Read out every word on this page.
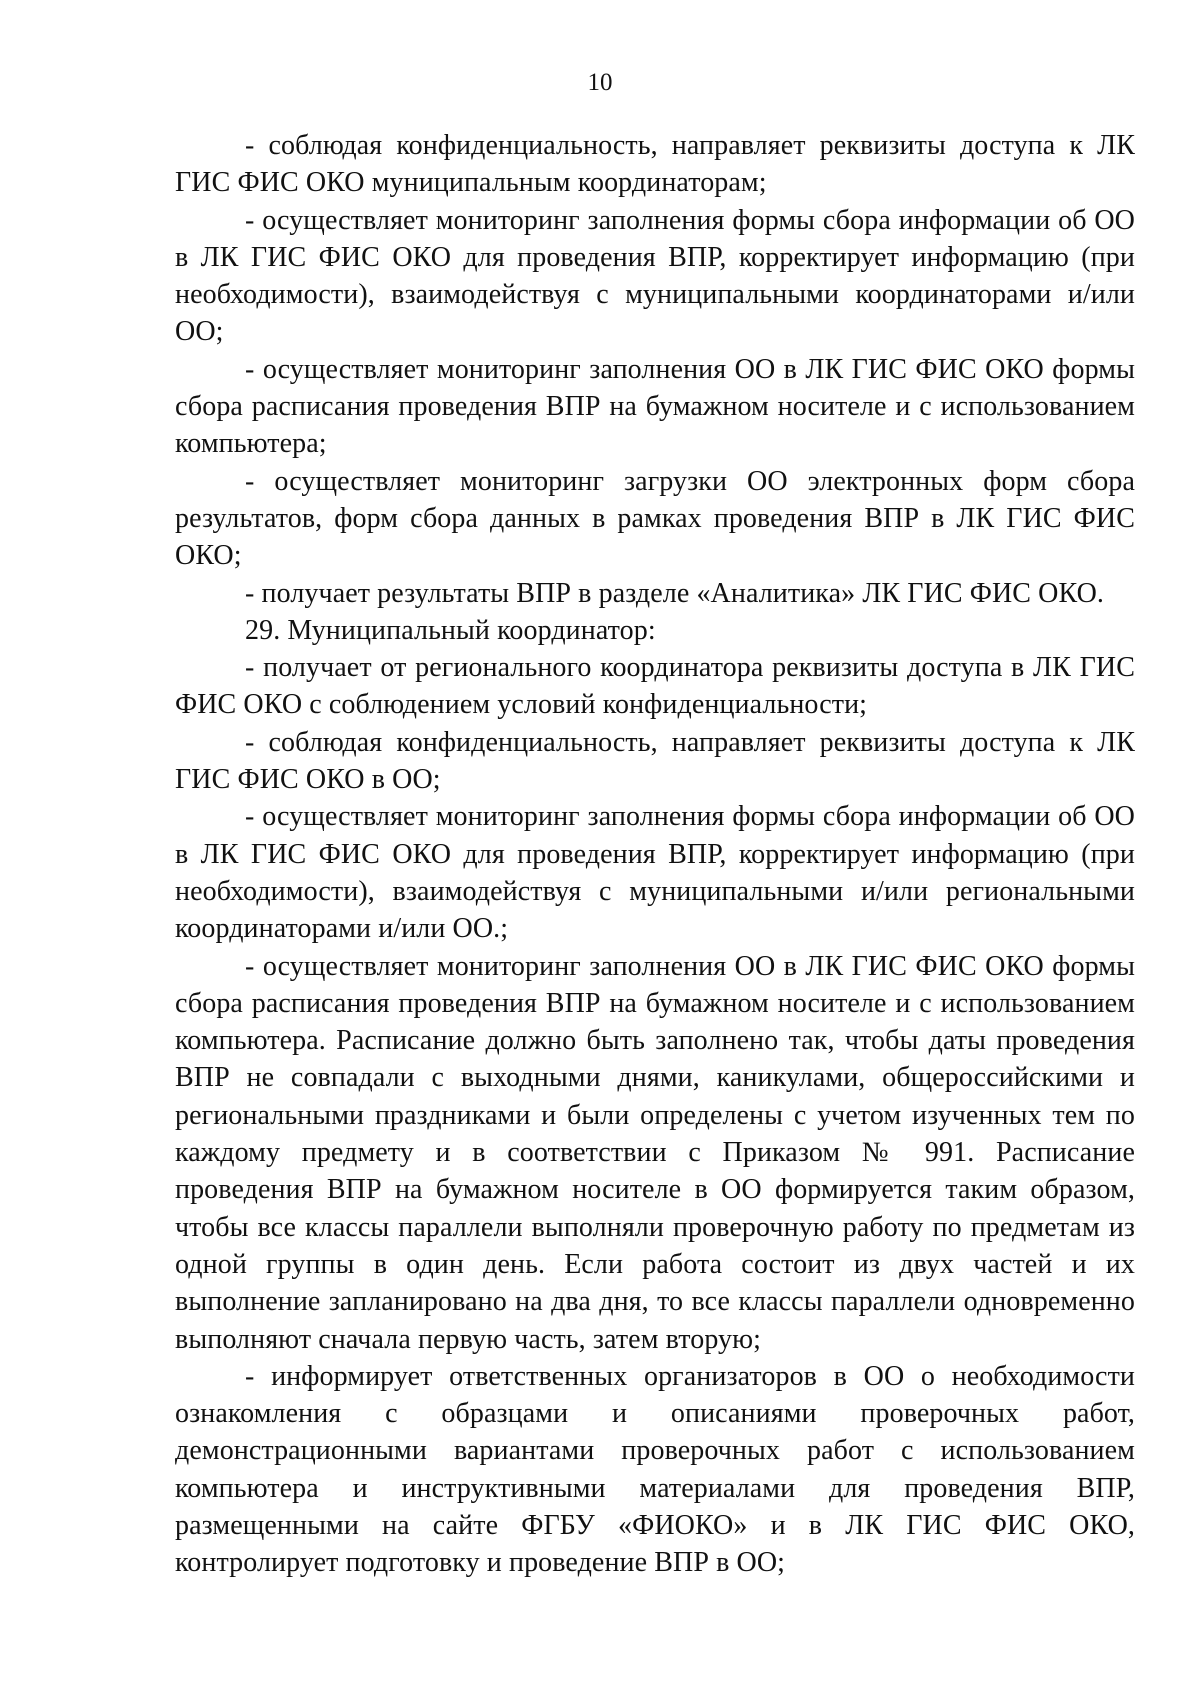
10

- соблюдая конфиденциальность, направляет реквизиты доступа к ЛК ГИС ФИС ОКО муниципальным координаторам;

- осуществляет мониторинг заполнения формы сбора информации об ОО в ЛК ГИС ФИС ОКО для проведения ВПР, корректирует информацию (при необходимости), взаимодействуя с муниципальными координаторами и/или ОО;

- осуществляет мониторинг заполнения ОО в ЛК ГИС ФИС ОКО формы сбора расписания проведения ВПР на бумажном носителе и с использованием компьютера;

- осуществляет мониторинг загрузки ОО электронных форм сбора результатов, форм сбора данных в рамках проведения ВПР в ЛК ГИС ФИС ОКО;

- получает результаты ВПР в разделе «Аналитика» ЛК ГИС ФИС ОКО.

29. Муниципальный координатор:

- получает от регионального координатора реквизиты доступа в ЛК ГИС ФИС ОКО с соблюдением условий конфиденциальности;

- соблюдая конфиденциальность, направляет реквизиты доступа к ЛК ГИС ФИС ОКО в ОО;

- осуществляет мониторинг заполнения формы сбора информации об ОО в ЛК ГИС ФИС ОКО для проведения ВПР, корректирует информацию (при необходимости), взаимодействуя с муниципальными и/или региональными координаторами и/или ОО.;

- осуществляет мониторинг заполнения ОО в ЛК ГИС ФИС ОКО формы сбора расписания проведения ВПР на бумажном носителе и с использованием компьютера. Расписание должно быть заполнено так, чтобы даты проведения ВПР не совпадали с выходными днями, каникулами, общероссийскими и региональными праздниками и были определены с учетом изученных тем по каждому предмету и в соответствии с Приказом № 991. Расписание проведения ВПР на бумажном носителе в ОО формируется таким образом, чтобы все классы параллели выполняли проверочную работу по предметам из одной группы в один день. Если работа состоит из двух частей и их выполнение запланировано на два дня, то все классы параллели одновременно выполняют сначала первую часть, затем вторую;

- информирует ответственных организаторов в ОО о необходимости ознакомления с образцами и описаниями проверочных работ, демонстрационными вариантами проверочных работ с использованием компьютера и инструктивными материалами для проведения ВПР, размещенными на сайте ФГБУ «ФИОКО» и в ЛК ГИС ФИС ОКО, контролирует подготовку и проведение ВПР в ОО;
